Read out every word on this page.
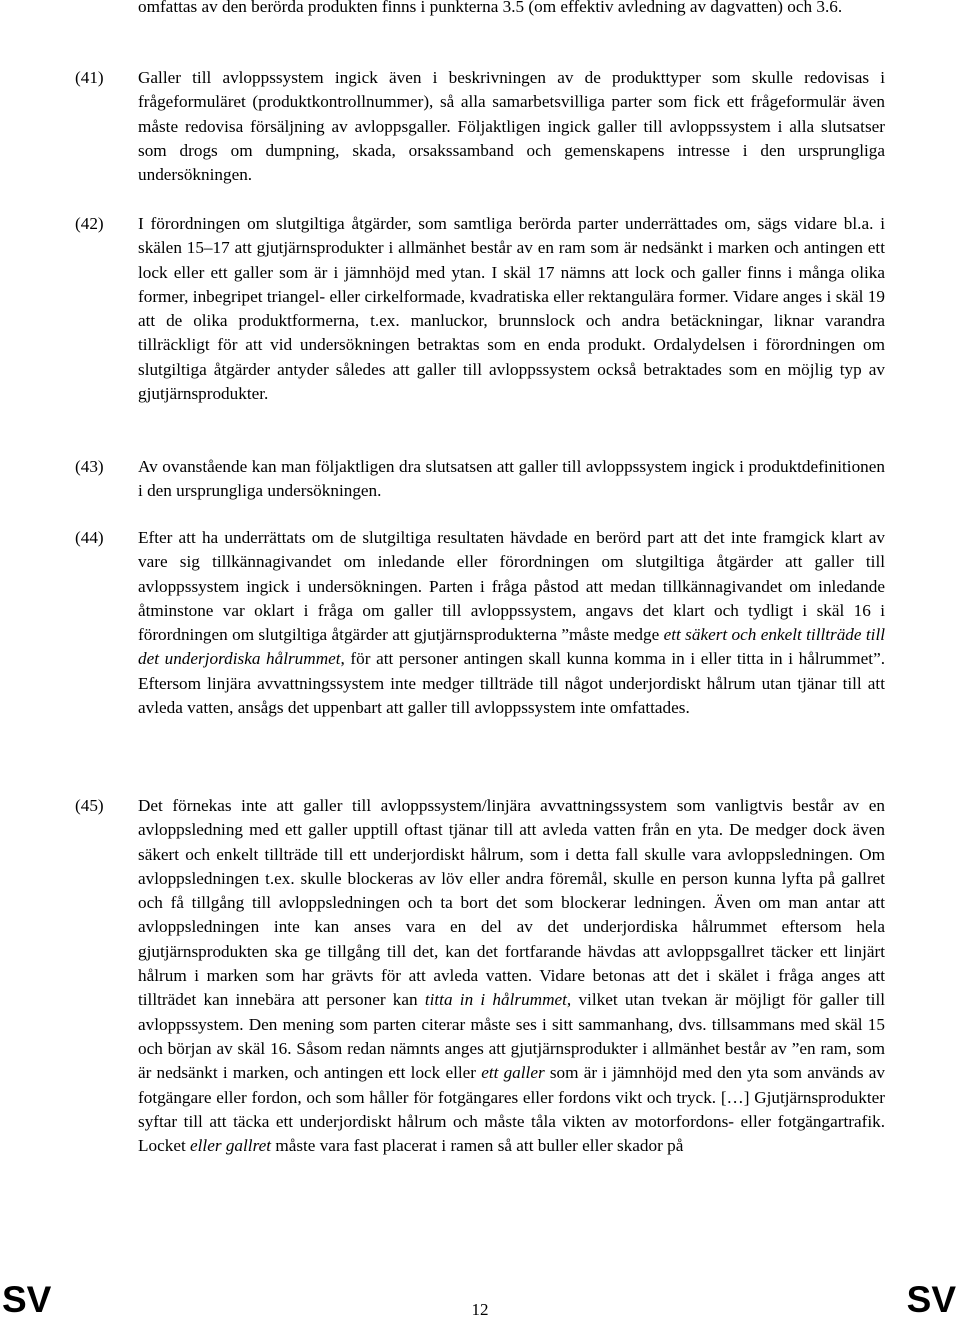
omfattas av den berörda produkten finns i punkterna 3.5 (om effektiv avledning av dagvatten) och 3.6.
(41)	Galler till avloppssystem ingick även i beskrivningen av de produkttyper som skulle redovisas i frågeformuläret (produktkontrollnummer), så alla samarbetsvilliga parter som fick ett frågeformulär även måste redovisa försäljning av avloppsgaller. Följaktligen ingick galler till avloppssystem i alla slutsatser som drogs om dumpning, skada, orsakssamband och gemenskapens intresse i den ursprungliga undersökningen.
(42)	I förordningen om slutgiltiga åtgärder, som samtliga berörda parter underrättades om, sägs vidare bl.a. i skälen 15–17 att gjutjärnsprodukter i allmänhet består av en ram som är nedsänkt i marken och antingen ett lock eller ett galler som är i jämnhöjd med ytan. I skäl 17 nämns att lock och galler finns i många olika former, inbegripet triangel- eller cirkelformade, kvadratiska eller rektangulära former. Vidare anges i skäl 19 att de olika produktformerna, t.ex. manluckor, brunnslock och andra betäckningar, liknar varandra tillräckligt för att vid undersökningen betraktas som en enda produkt. Ordalydelsen i förordningen om slutgiltiga åtgärder antyder således att galler till avloppssystem också betraktades som en möjlig typ av gjutjärnsprodukter.
(43)	Av ovanstående kan man följaktligen dra slutsatsen att galler till avloppssystem ingick i produktdefinitionen i den ursprungliga undersökningen.
(44)	Efter att ha underrättats om de slutgiltiga resultaten hävdade en berörd part att det inte framgick klart av vare sig tillkännagivandet om inledande eller förordningen om slutgiltiga åtgärder att galler till avloppssystem ingick i undersökningen. Parten i fråga påstod att medan tillkännagivandet om inledande åtminstone var oklart i fråga om galler till avloppssystem, angavs det klart och tydligt i skäl 16 i förordningen om slutgiltiga åtgärder att gjutjärnsprodukterna ”måste medge ett säkert och enkelt tillträde till det underjordiska hålrummet, för att personer antingen skall kunna komma in i eller titta in i hålrummet”. Eftersom linjära avvattningssystem inte medger tillträde till något underjordiskt hålrum utan tjänar till att avleda vatten, ansågs det uppenbart att galler till avloppssystem inte omfattades.
(45)	Det förnekas inte att galler till avloppssystem/linjära avvattningssystem som vanligtvis består av en avloppsledning med ett galler upptill oftast tjänar till att avleda vatten från en yta. De medger dock även säkert och enkelt tillträde till ett underjordiskt hålrum, som i detta fall skulle vara avloppsledningen. Om avloppsledningen t.ex. skulle blockeras av löv eller andra föremål, skulle en person kunna lyfta på gallret och få tillgång till avloppsledningen och ta bort det som blockerar ledningen. Även om man antar att avloppsledningen inte kan anses vara en del av det underjordiska hålrummet eftersom hela gjutjärnsprodukten ska ge tillgång till det, kan det fortfarande hävdas att avloppsgallret täcker ett linjärt hålrum i marken som har grävts för att avleda vatten. Vidare betonas att det i skälet i fråga anges att tillträdet kan innebära att personer kan titta in i hålrummet, vilket utan tvekan är möjligt för galler till avloppssystem. Den mening som parten citerar måste ses i sitt sammanhang, dvs. tillsammans med skäl 15 och början av skäl 16. Såsom redan nämnts anges att gjutjärnsprodukter i allmänhet består av ”en ram, som är nedsänkt i marken, och antingen ett lock eller ett galler som är i jämnhöjd med den yta som används av fotgängare eller fordon, och som håller för fotgängares eller fordons vikt och tryck. […] Gjutjärnsprodukter syftar till att täcka ett underjordiskt hålrum och måste tåla vikten av motorfordons- eller fotgängartrafik. Locket eller gallret måste vara fast placerat i ramen så att buller eller skador på
SV	12	SV
